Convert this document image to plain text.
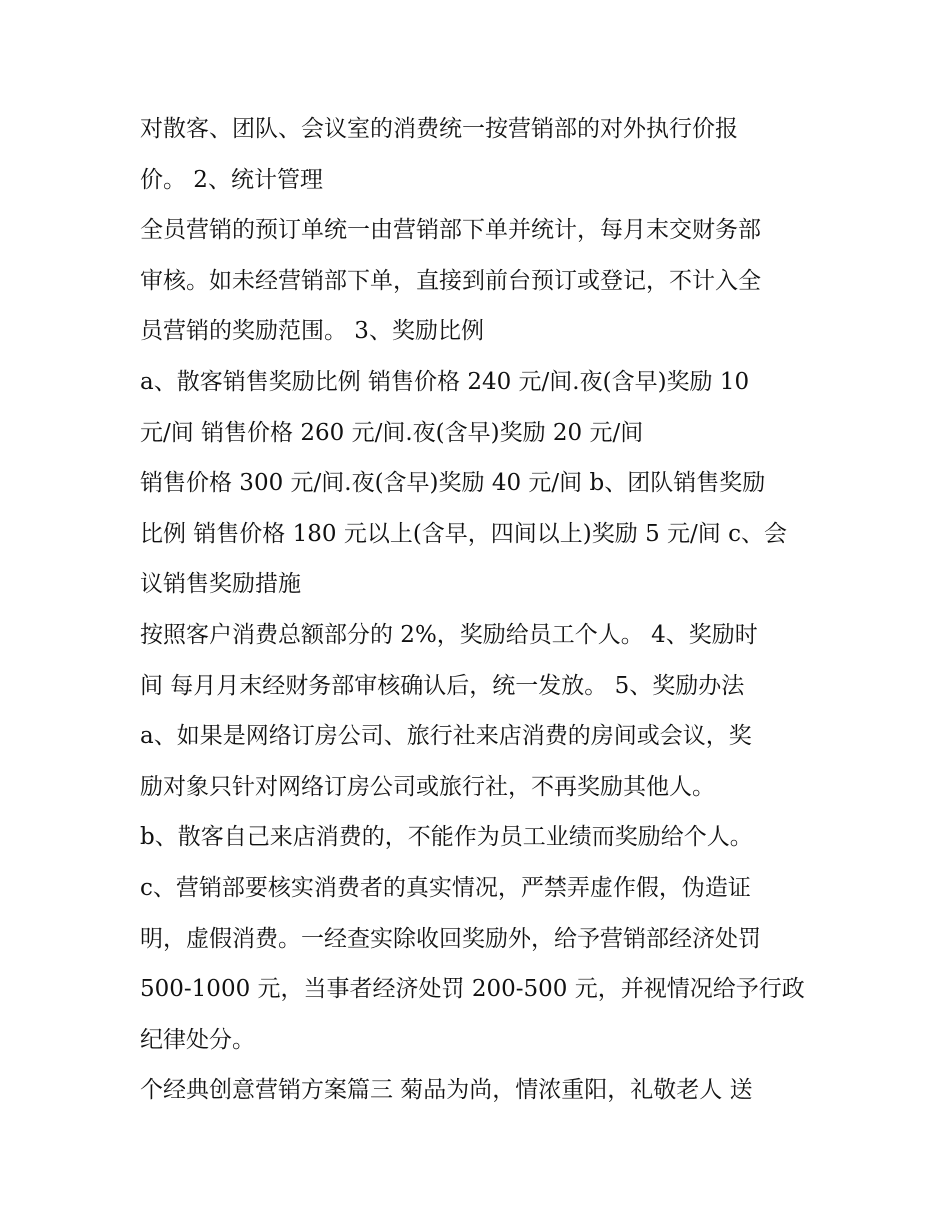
对散客、团队、会议室的消费统一按营销部的对外执行价报
价。 2、统计管理
全员营销的预订单统一由营销部下单并统计，每月末交财务部
审核。如未经营销部下单，直接到前台预订或登记，不计入全
员营销的奖励范围。 3、奖励比例
a、散客销售奖励比例 销售价格 240 元/间.夜(含早)奖励 10
元/间 销售价格 260 元/间.夜(含早)奖励 20 元/间
销售价格 300 元/间.夜(含早)奖励 40 元/间 b、团队销售奖励
比例 销售价格 180 元以上(含早，四间以上)奖励 5 元/间 c、会
议销售奖励措施
按照客户消费总额部分的 2%，奖励给员工个人。 4、奖励时
间 每月月末经财务部审核确认后，统一发放。 5、奖励办法
a、如果是网络订房公司、旅行社来店消费的房间或会议，奖
励对象只针对网络订房公司或旅行社，不再奖励其他人。
b、散客自己来店消费的，不能作为员工业绩而奖励给个人。
c、营销部要核实消费者的真实情况，严禁弄虚作假，伪造证
明，虚假消费。一经查实除收回奖励外，给予营销部经济处罚
500-1000 元，当事者经济处罚 200-500 元，并视情况给予行政
纪律处分。
个经典创意营销方案篇三 菊品为尚，情浓重阳，礼敬老人 送
